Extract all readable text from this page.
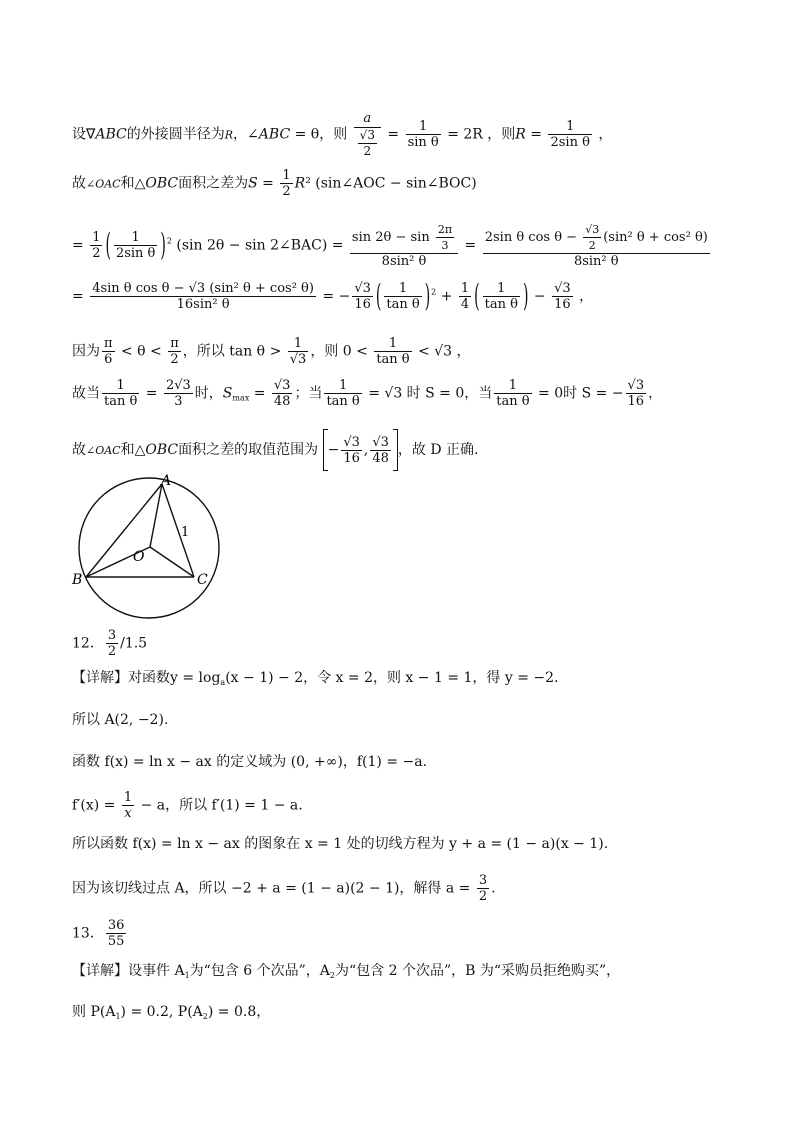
设∇ABC的外接圆半径为R，∠ABC = θ，则 $\frac{a}{\frac{√3}{2}} = \frac{1}{\text{sin θ}} = 2R$ ，则$R = \frac{1}{\text{2sin θ}}$ ，
故∠OAC和△OBC面积之差为$S = \frac{1}{2} R^2$ (sin∠AOC − sin∠BOC)
= $\frac{1}{2}$ ( $\frac{1}{\text{2sin θ}} )^2$ (sin 2θ − sin 2∠BAC) = $\frac{\sin 2\theta - \sin \frac{2\pi}{3}}{\text{8sin² θ}} = \frac{2\sin \theta \cos \theta - \frac{√3}{2} (\sin^2 \theta + \cos^2 \theta)}{\text{8sin² θ}}$
= $\frac{\text{4sin θ cos θ − √3 (sin² θ + cos² θ)}}{\text{16sin² θ}}$ = − $\frac{√3}{16}$ ( $\frac{1}{\text{tan θ}} )^2 + \frac{1}{4}$ ( $\frac{1}{\text{tan θ}}$ ) − $\frac{√3}{16}$ ，
因为 $\frac{\pi}{6} < \theta < \frac{\pi}{2}$ ，所以 $\tan \theta > \frac{1}{√3}$ ，则 $0 < \frac{1}{\text{tan θ}} < √3$ ，
故当 $\frac{1}{\text{tan θ}} = \frac{2√3}{3}$ 时，$S_{max} = \frac{√3}{48}$ ；当 $\frac{1}{\text{tan θ}} = √3$ 时 S = 0，当 $\frac{1}{\text{tan θ}} = 0$时 S = − $\frac{√3}{16}$ ，
故∠OAC和△OBC面积之差的取值范围为 − $\frac{√3}{16}$ , $\frac{√3}{48}$ ，故 D 正确.
A
B	C
O
1
12． $\frac{3}{2} /1.5$
【详解】对函数$y = \log_a(x - 1) - 2$，令 x = 2，则 x − 1 = 1，得 y = −2.
所以 A(2, −2).
函数 f(x) = ln x − ax 的定义域为 (0, +∞)，f(1) = −a.
$f'(x) = \frac{1}{x} - a$，所以 f′(1) = 1 − a.
所以函数 f(x) = ln x − ax 的图象在 x = 1 处的切线方程为 y + a = (1 − a)(x − 1).
因为该切线过点 A，所以 −2 + a = (1 − a)(2 − 1)，解得 $a = \frac{3}{2}$ .
13． $\frac{36}{55}$
【详解】设事件 $A_1$为“包含 6 个次品”，$A_2$为“包含 2 个次品”，B 为“采购员拒绝购买”，
则 $P(A_1) = 0.2$, $P(A_2) = 0.8$，
